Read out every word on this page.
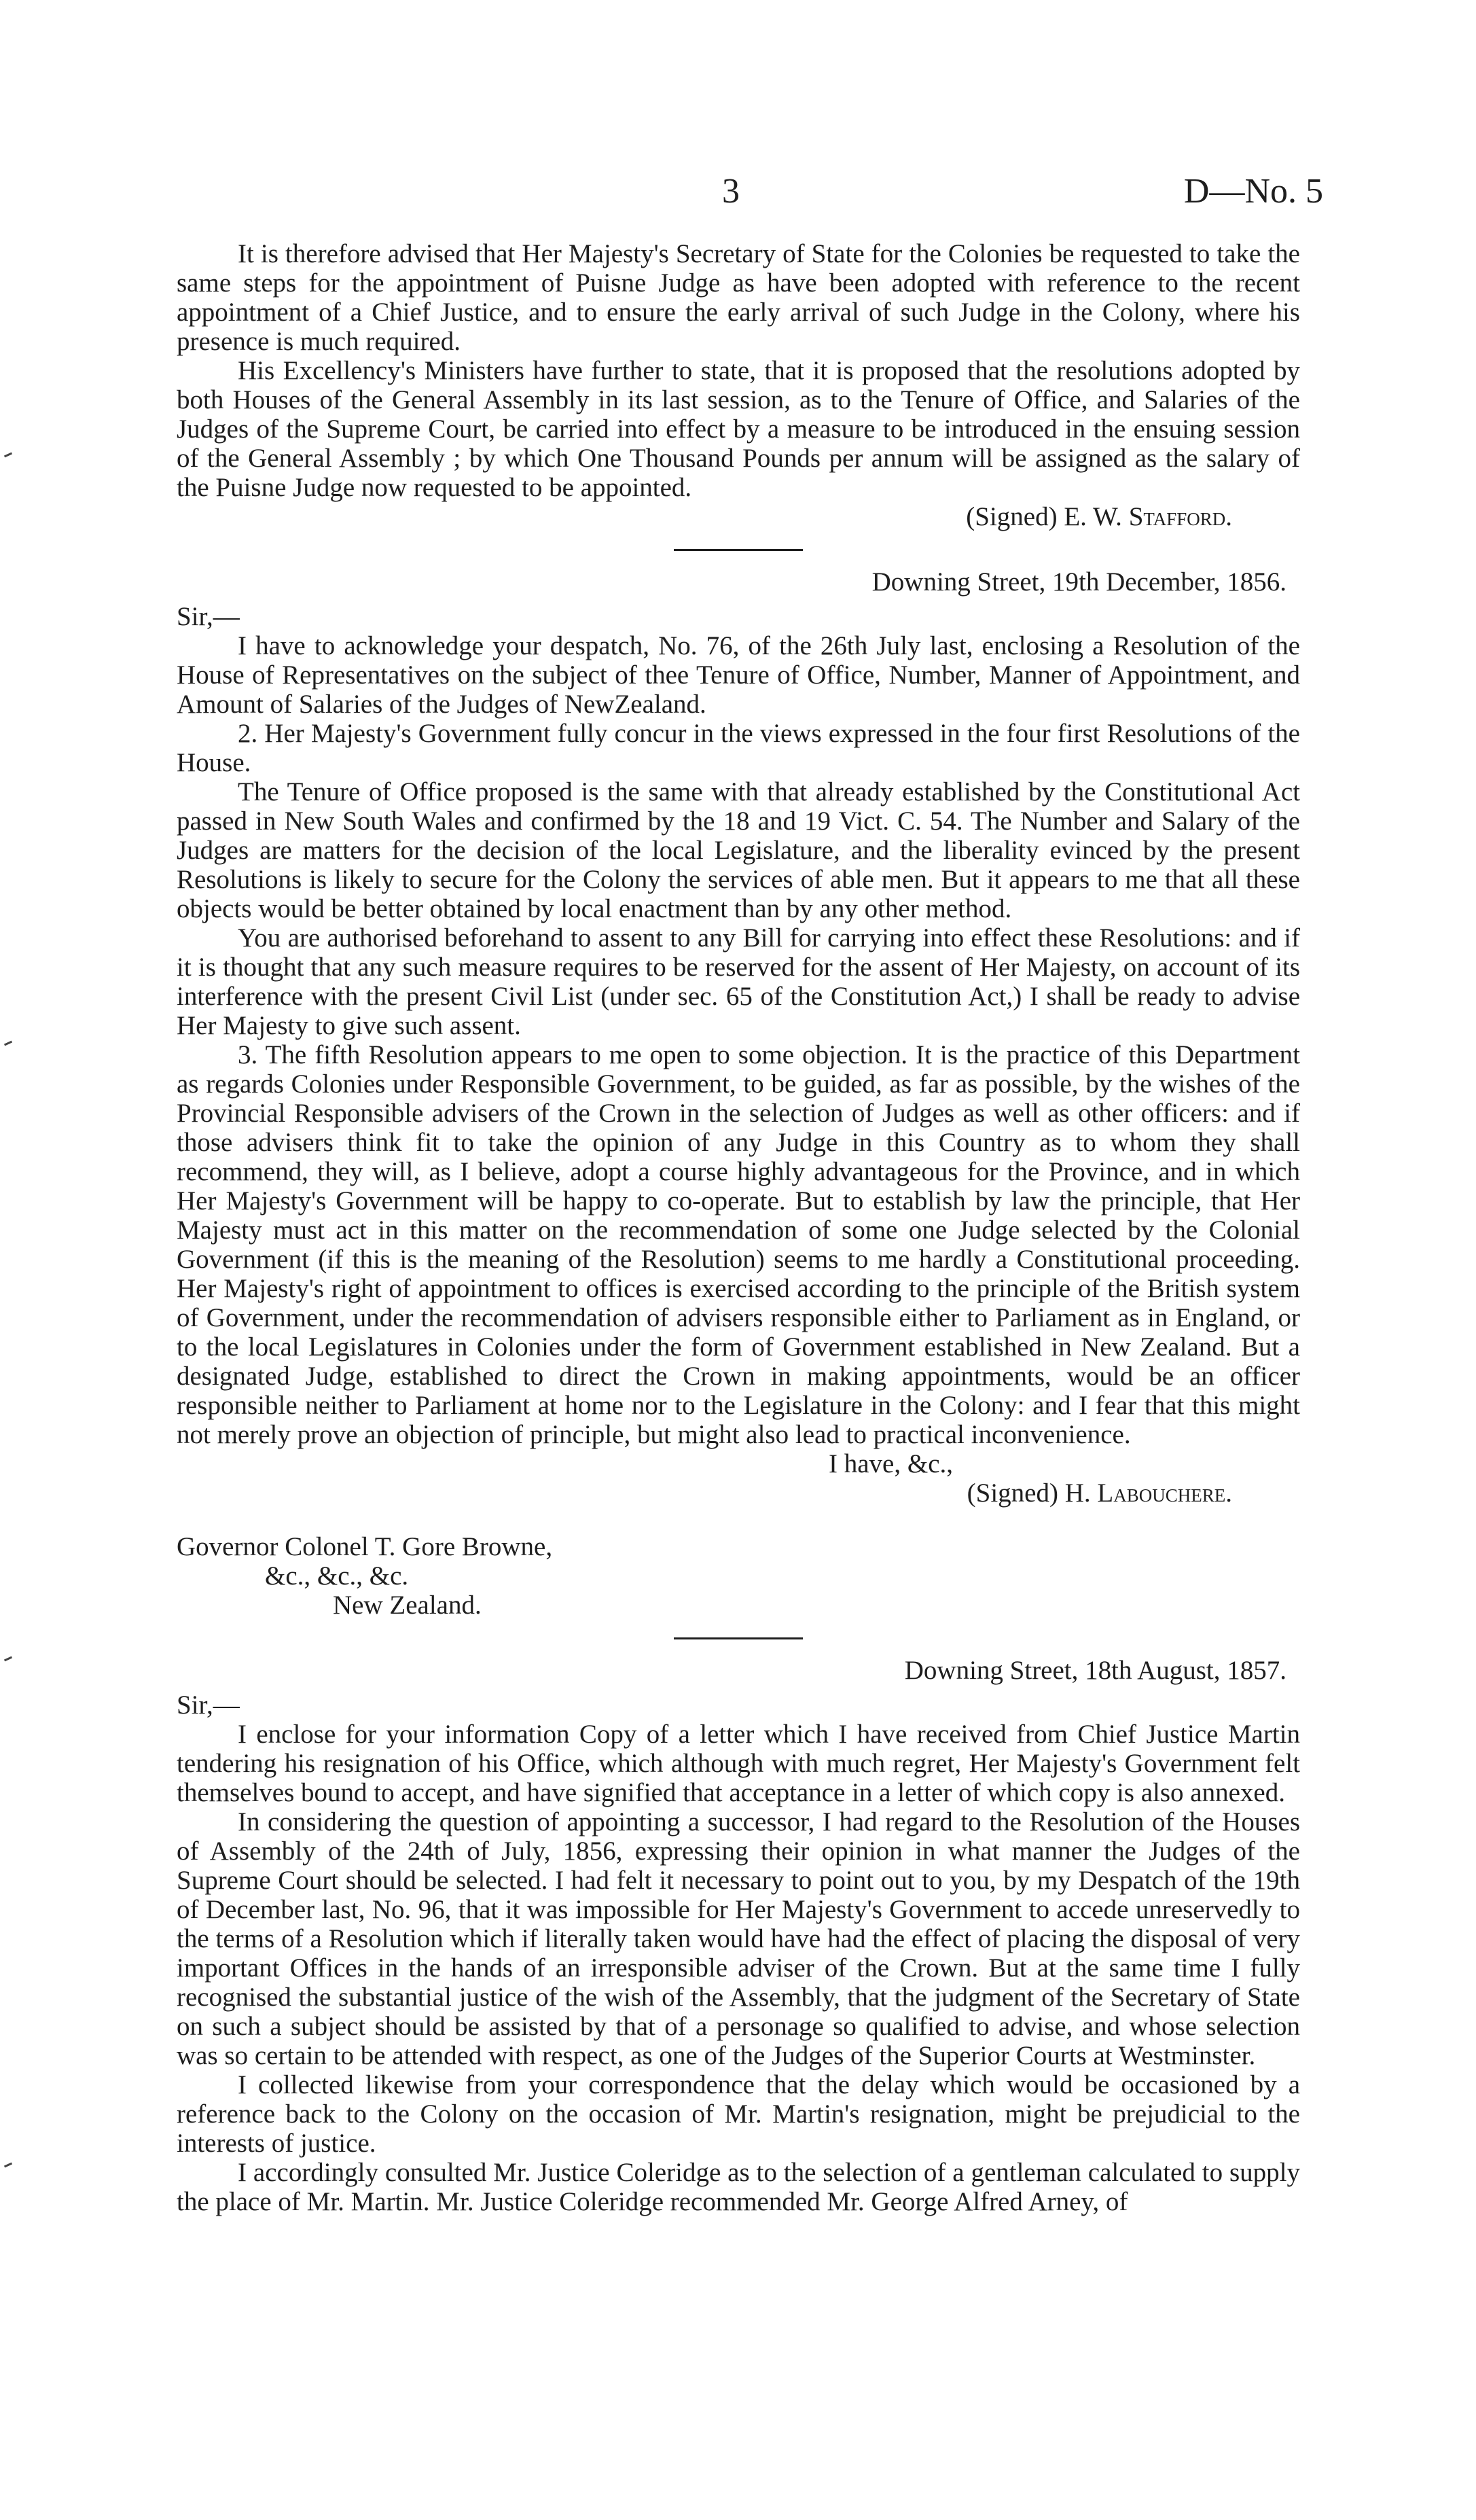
3	D—No. 5

It is therefore advised that Her Majesty's Secretary of State for the Colonies be requested to take the same steps for the appointment of Puisne Judge as have been adopted with reference to the recent appointment of a Chief Justice, and to ensure the early arrival of such Judge in the Colony, where his presence is much required.

His Excellency's Ministers have further to state, that it is proposed that the resolutions adopted by both Houses of the General Assembly in its last session, as to the Tenure of Office, and Salaries of the Judges of the Supreme Court, be carried into effect by a measure to be introduced in the ensuing session of the General Assembly ; by which One Thousand Pounds per annum will be assigned as the salary of the Puisne Judge now requested to be appointed.

(Signed) E. W. Stafford.

Downing Street, 19th December, 1856.

Sir,—

I have to acknowledge your despatch, No. 76, of the 26th July last, enclosing a Resolution of the House of Representatives on the subject of thee Tenure of Office, Number, Manner of Appointment, and Amount of Salaries of the Judges of NewZealand.

2. Her Majesty's Government fully concur in the views expressed in the four first Resolutions of the House.

The Tenure of Office proposed is the same with that already established by the Constitutional Act passed in New South Wales and confirmed by the 18 and 19 Vict. C. 54. The Number and Salary of the Judges are matters for the decision of the local Legislature, and the liberality evinced by the present Resolutions is likely to secure for the Colony the services of able men. But it appears to me that all these objects would be better obtained by local enactment than by any other method.

You are authorised beforehand to assent to any Bill for carrying into effect these Resolutions: and if it is thought that any such measure requires to be reserved for the assent of Her Majesty, on account of its interference with the present Civil List (under sec. 65 of the Constitution Act,) I shall be ready to advise Her Majesty to give such assent.

3. The fifth Resolution appears to me open to some objection. It is the practice of this Department as regards Colonies under Responsible Government, to be guided, as far as possible, by the wishes of the Provincial Responsible advisers of the Crown in the selection of Judges as well as other officers: and if those advisers think fit to take the opinion of any Judge in this Country as to whom they shall recommend, they will, as I believe, adopt a course highly advantageous for the Province, and in which Her Majesty's Government will be happy to co-operate. But to establish by law the principle, that Her Majesty must act in this matter on the recommendation of some one Judge selected by the Colonial Government (if this is the meaning of the Resolution) seems to me hardly a Constitutional proceeding. Her Majesty's right of appointment to offices is exercised according to the principle of the British system of Government, under the recommendation of advisers responsible either to Parliament as in England, or to the local Legislatures in Colonies under the form of Government established in New Zealand. But a designated Judge, established to direct the Crown in making appointments, would be an officer responsible neither to Parliament at home nor to the Legislature in the Colony: and I fear that this might not merely prove an objection of principle, but might also lead to practical inconvenience.

I have, &c.,

(Signed) H. Labouchere.

Governor Colonel T. Gore Browne,

&c., &c., &c.

New Zealand.

Downing Street, 18th August, 1857.

Sir,—

I enclose for your information Copy of a letter which I have received from Chief Justice Martin tendering his resignation of his Office, which although with much regret, Her Majesty's Government felt themselves bound to accept, and have signified that acceptance in a letter of which copy is also annexed.

In considering the question of appointing a successor, I had regard to the Resolution of the Houses of Assembly of the 24th of July, 1856, expressing their opinion in what manner the Judges of the Supreme Court should be selected. I had felt it necessary to point out to you, by my Despatch of the 19th of December last, No. 96, that it was impossible for Her Majesty's Government to accede unreservedly to the terms of a Resolution which if literally taken would have had the effect of placing the disposal of very important Offices in the hands of an irresponsible adviser of the Crown. But at the same time I fully recognised the substantial justice of the wish of the Assembly, that the judgment of the Secretary of State on such a subject should be assisted by that of a personage so qualified to advise, and whose selection was so certain to be attended with respect, as one of the Judges of the Superior Courts at Westminster.

I collected likewise from your correspondence that the delay which would be occasioned by a reference back to the Colony on the occasion of Mr. Martin's resignation, might be prejudicial to the interests of justice.

I accordingly consulted Mr. Justice Coleridge as to the selection of a gentleman calculated to supply the place of Mr. Martin. Mr. Justice Coleridge recommended Mr. George Alfred Arney, of
